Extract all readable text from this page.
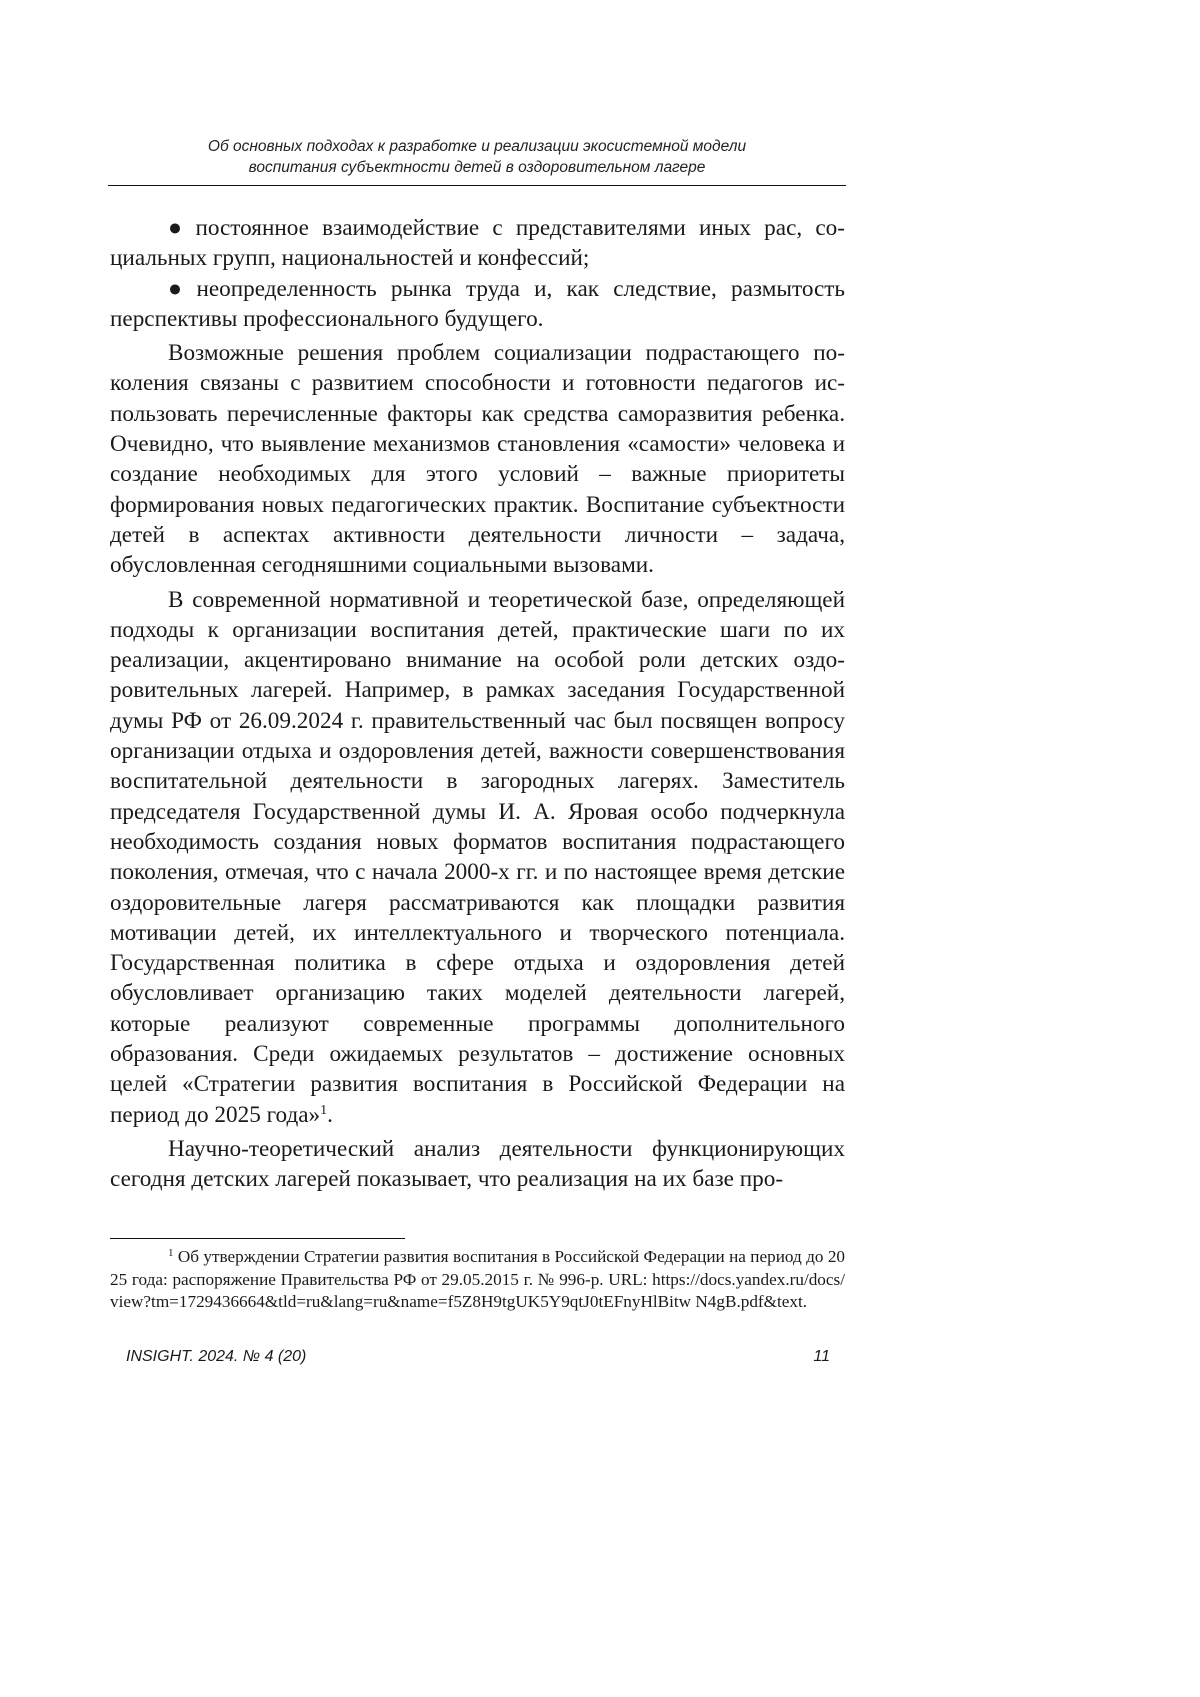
Об основных подходах к разработке и реализации экосистемной модели
воспитания субъектности детей в оздоровительном лагере

● постоянное взаимодействие с представителями иных рас, социальных групп, национальностей и конфессий;

● неопределенность рынка труда и, как следствие, размытость перспективы профессионального будущего.

Возможные решения проблем социализации подрастающего поколения связаны с развитием способности и готовности педагогов использовать перечисленные факторы как средства саморазвития ребенка. Очевидно, что выявление механизмов становления «самости» человека и создание необходимых для этого условий – важные приоритеты формирования новых педагогических практик. Воспитание субъектности детей в аспектах активности деятельности личности – задача, обусловленная сегодняшними социальными вызовами.

В современной нормативной и теоретической базе, определяющей подходы к организации воспитания детей, практические шаги по их реализации, акцентировано внимание на особой роли детских оздоровительных лагерей. Например, в рамках заседания Государственной думы РФ от 26.09.2024 г. правительственный час был посвящен вопросу организации отдыха и оздоровления детей, важности совершенствования воспитательной деятельности в загородных лагерях. Заместитель председателя Государственной думы И. А. Яровая особо подчеркнула необходимость создания новых форматов воспитания подрастающего поколения, отмечая, что с начала 2000-х гг. и по настоящее время детские оздоровительные лагеря рассматриваются как площадки развития мотивации детей, их интеллектуального и творческого потенциала. Государственная политика в сфере отдыха и оздоровления детей обусловливает организацию таких моделей деятельности лагерей, которые реализуют современные программы дополнительного образования. Среди ожидаемых результатов – достижение основных целей «Стратегии развития воспитания в Российской Федерации на период до 2025 года»$^1$.

Научно-теоретический анализ деятельности функционирующих сегодня детских лагерей показывает, что реализация на их базе про-

$^1$ Об утверждении Стратегии развития воспитания в Российской Федерации на период до 2025 года: распоряжение Правительства РФ от 29.05.2015 г. № 996-р. URL: https://docs.yandex.ru/docs/view?tm=1729436664&tld=ru&lang=ru&name=f5Z8H9tgUK5Y9qtJ0tEFnyHlBitw N4gB.pdf&text.

INSIGHT. 2024. № 4 (20)	11
